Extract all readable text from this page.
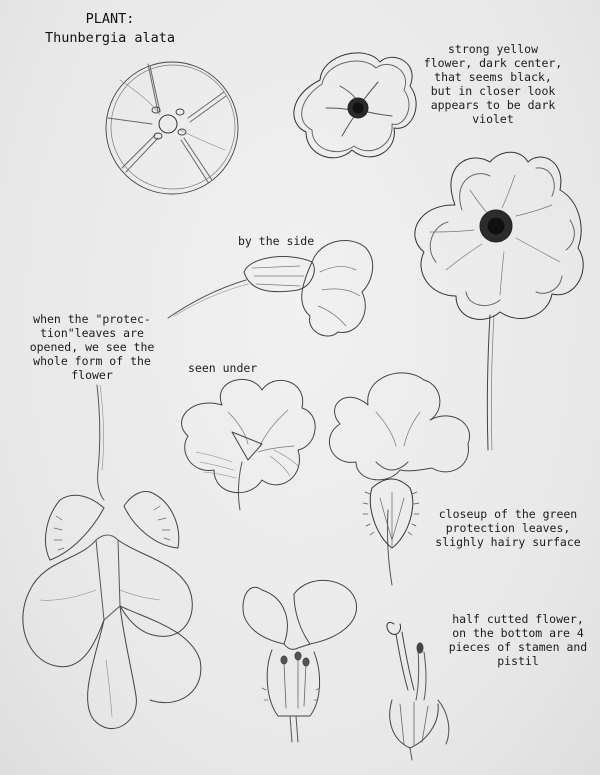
PLANT:
Thunbergia alata

strong yellow
flower, dark center,
that seems black,
but in closer look
appears to be dark
violet

by the side

when the "protec-
tion"leaves are
opened, we see the
whole form of the
flower	seen under

closeup of the green
protection leaves,
slighly hairy surface

half cutted flower,
on the bottom are 4
pieces of stamen and
pistil
